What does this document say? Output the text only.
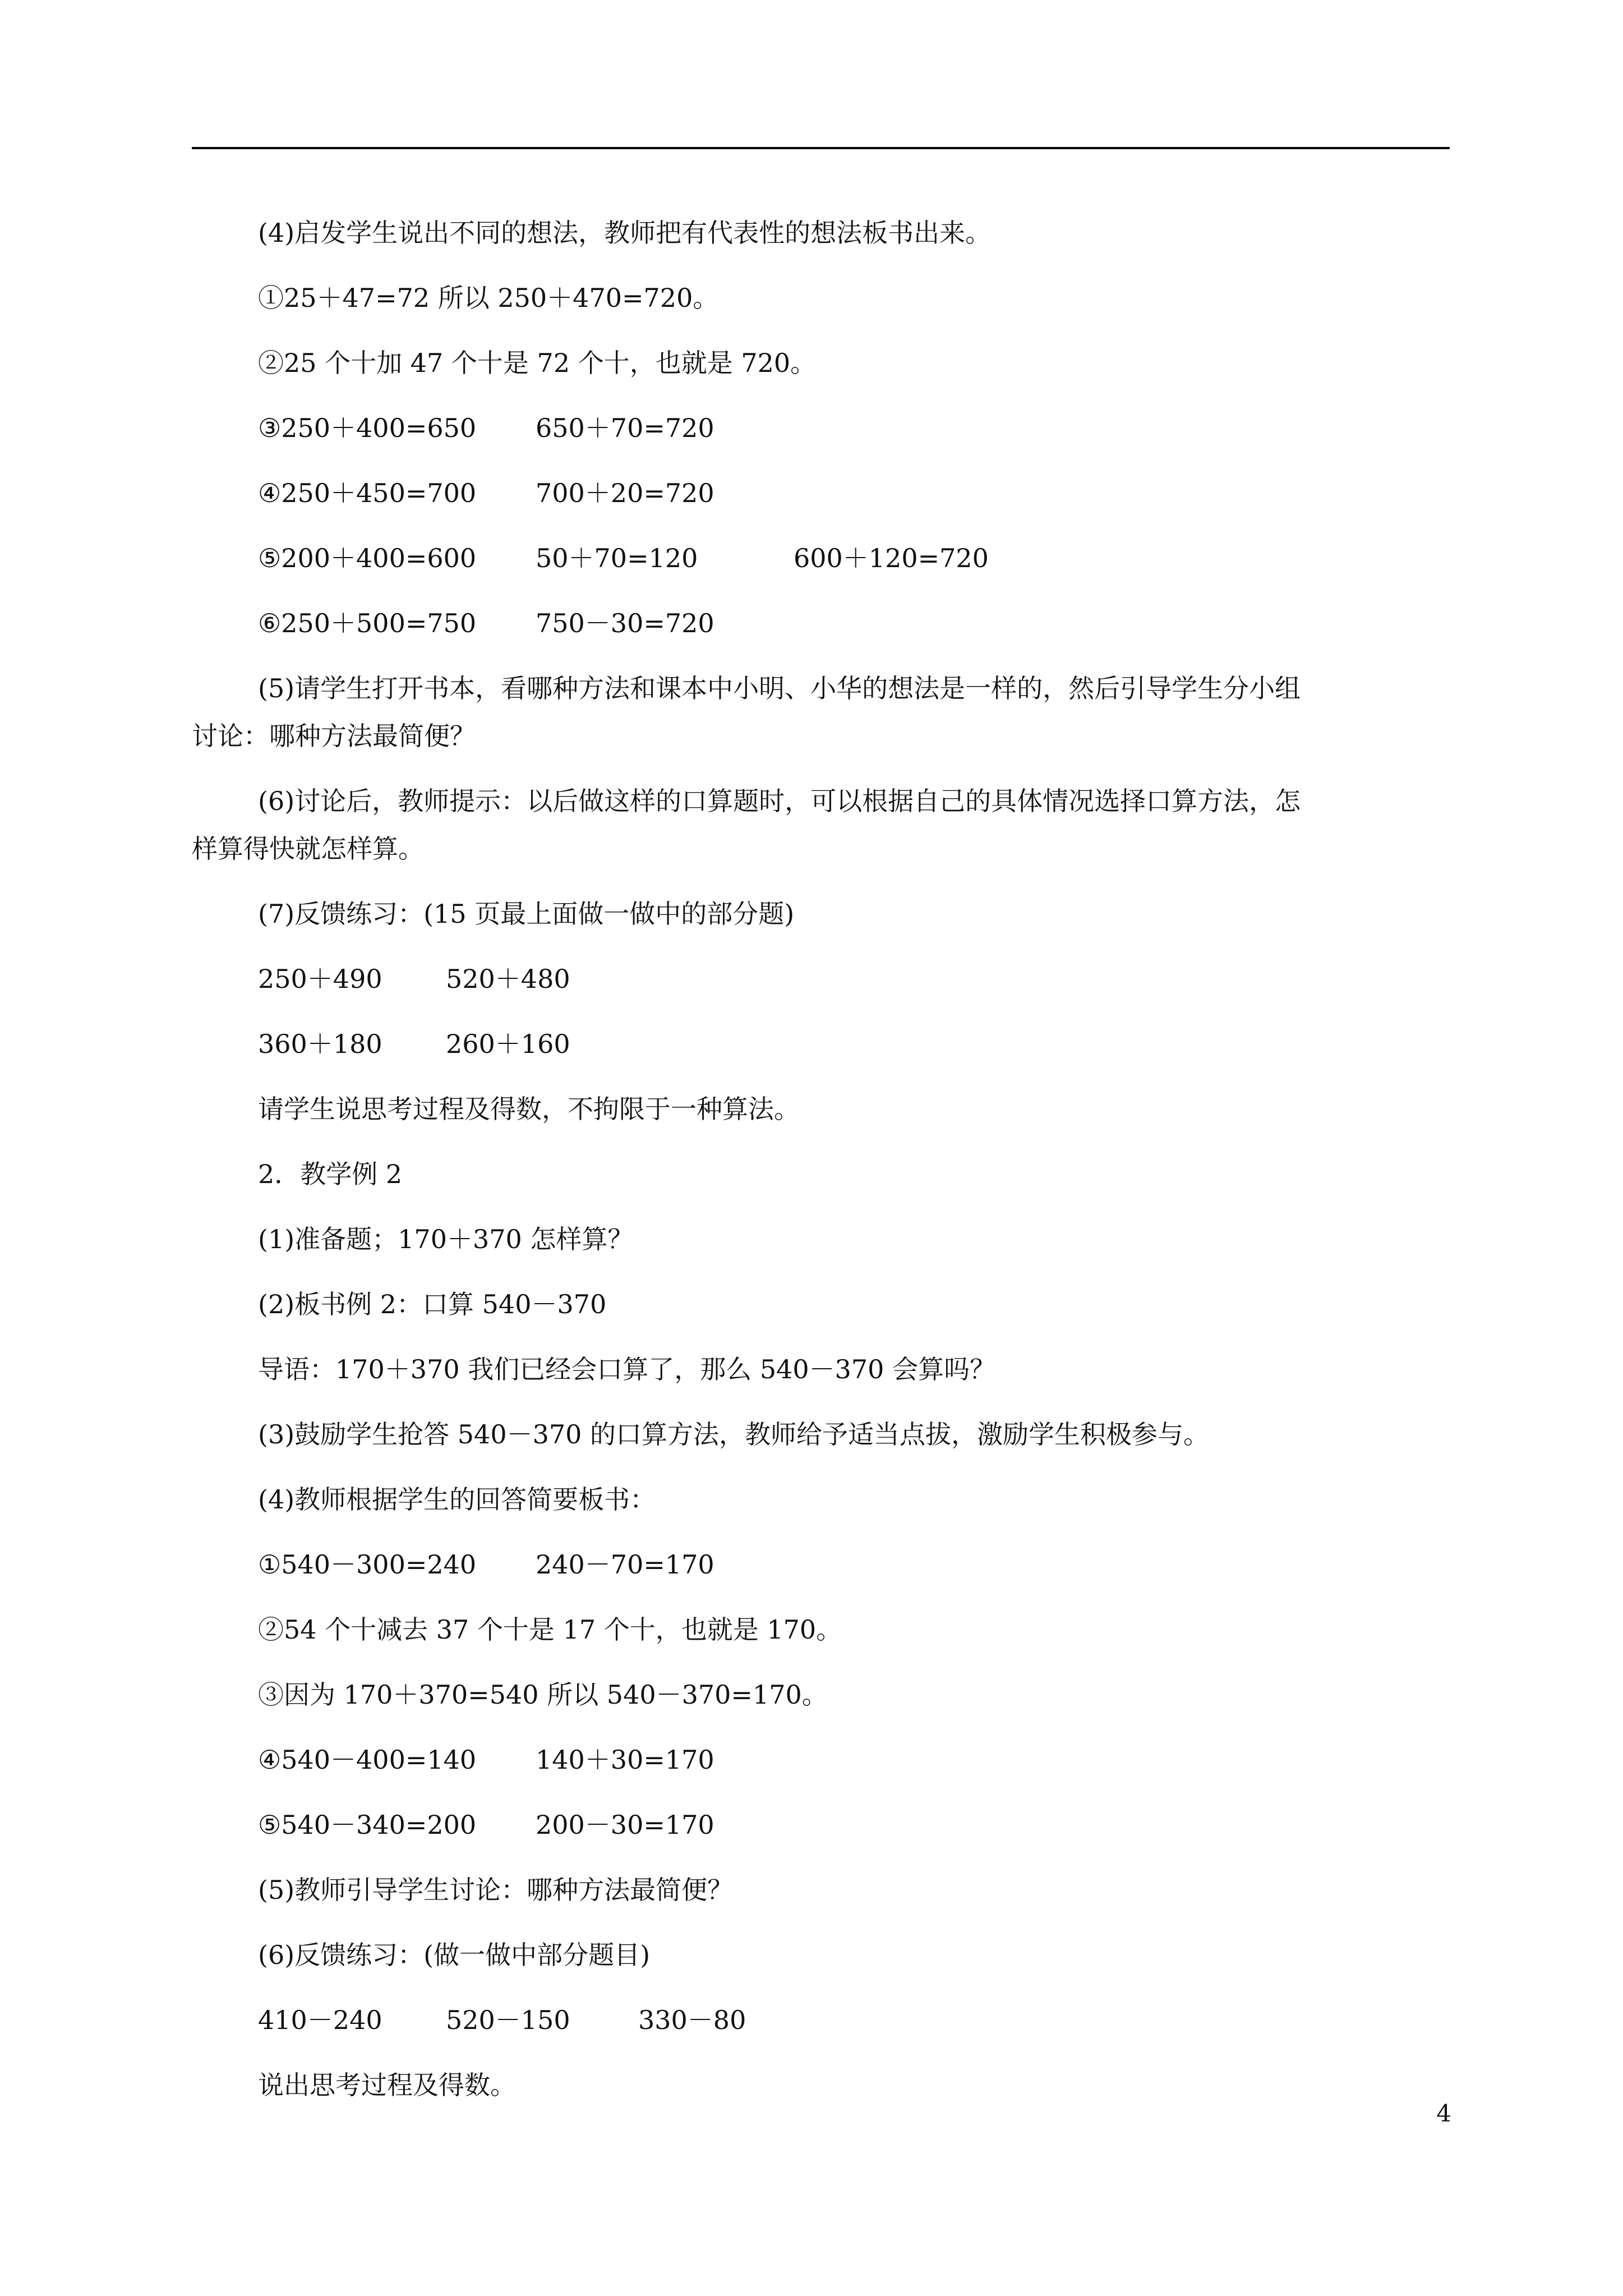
(4)启发学生说出不同的想法，教师把有代表性的想法板书出来。
①25＋47=72 所以 250＋470=720。
②25 个十加 47 个十是 72 个十，也就是 720。
③250＋400=650 650＋70=720
④250＋450=700 700＋20=720
⑤200＋400=600 50＋70=120	600＋120=720
⑥250＋500=750 750－30=720
(5)请学生打开书本，看哪种方法和课本中小明、小华的想法是一样的，然后引导学生分小组
讨论：哪种方法最简便？
(6)讨论后，教师提示：以后做这样的口算题时，可以根据自己的具体情况选择口算方法，怎
样算得快就怎样算。
(7)反馈练习：(15 页最上面做一做中的部分题)
250＋490 520＋480
360＋180 260＋160
请学生说思考过程及得数，不拘限于一种算法。
2．教学例 2
(1)准备题；170＋370 怎样算？
(2)板书例 2：口算 540－370
导语：170＋370 我们已经会口算了，那么 540－370 会算吗？
(3)鼓励学生抢答 540－370 的口算方法，教师给予适当点拔，激励学生积极参与。
(4)教师根据学生的回答简要板书：
①540－300=240 240－70=170
②54 个十减去 37 个十是 17 个十，也就是 170。
③因为 170＋370=540 所以 540－370=170。
④540－400=140 140＋30=170
⑤540－340=200 200－30=170
(5)教师引导学生讨论：哪种方法最简便？
(6)反馈练习：(做一做中部分题目)
410－240 520－150	330－80
说出思考过程及得数。
4
